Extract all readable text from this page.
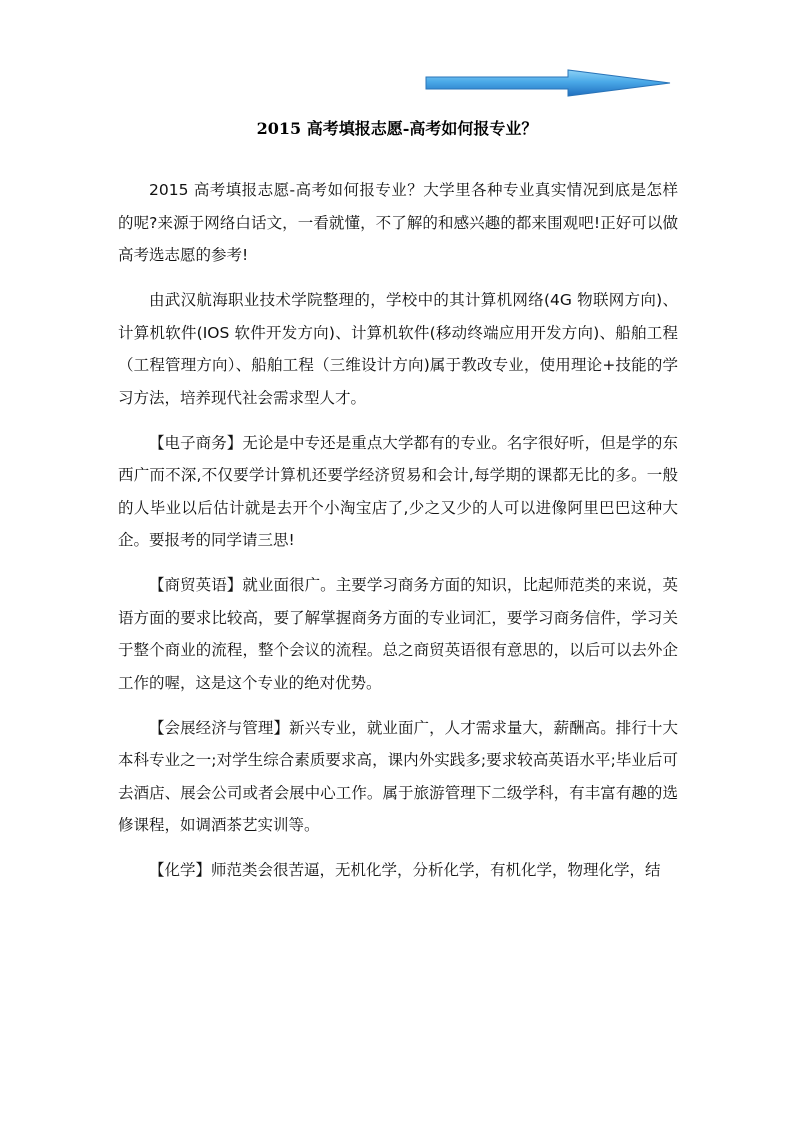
2015 高考填报志愿-高考如何报专业？

2015 高考填报志愿-高考如何报专业？大学里各种专业真实情况到底是怎样的呢?来源于网络白话文，一看就懂，不了解的和感兴趣的都来围观吧!正好可以做高考选志愿的参考!

由武汉航海职业技术学院整理的，学校中的其计算机网络(4G 物联网方向)、计算机软件(IOS 软件开发方向)、计算机软件(移动终端应用开发方向)、船舶工程（工程管理方向）、船舶工程（三维设计方向)属于教改专业，使用理论+技能的学习方法，培养现代社会需求型人才。

【电子商务】无论是中专还是重点大学都有的专业。名字很好听，但是学的东西广而不深,不仅要学计算机还要学经济贸易和会计,每学期的课都无比的多。一般的人毕业以后估计就是去开个小淘宝店了,少之又少的人可以进像阿里巴巴这种大企。要报考的同学请三思!

【商贸英语】就业面很广。主要学习商务方面的知识，比起师范类的来说，英语方面的要求比较高，要了解掌握商务方面的专业词汇，要学习商务信件，学习关于整个商业的流程，整个会议的流程。总之商贸英语很有意思的，以后可以去外企工作的喔，这是这个专业的绝对优势。

【会展经济与管理】新兴专业，就业面广，人才需求量大，薪酬高。排行十大本科专业之一;对学生综合素质要求高，课内外实践多;要求较高英语水平;毕业后可去酒店、展会公司或者会展中心工作。属于旅游管理下二级学科，有丰富有趣的选修课程，如调酒茶艺实训等。

【化学】师范类会很苦逼，无机化学，分析化学，有机化学，物理化学，结
